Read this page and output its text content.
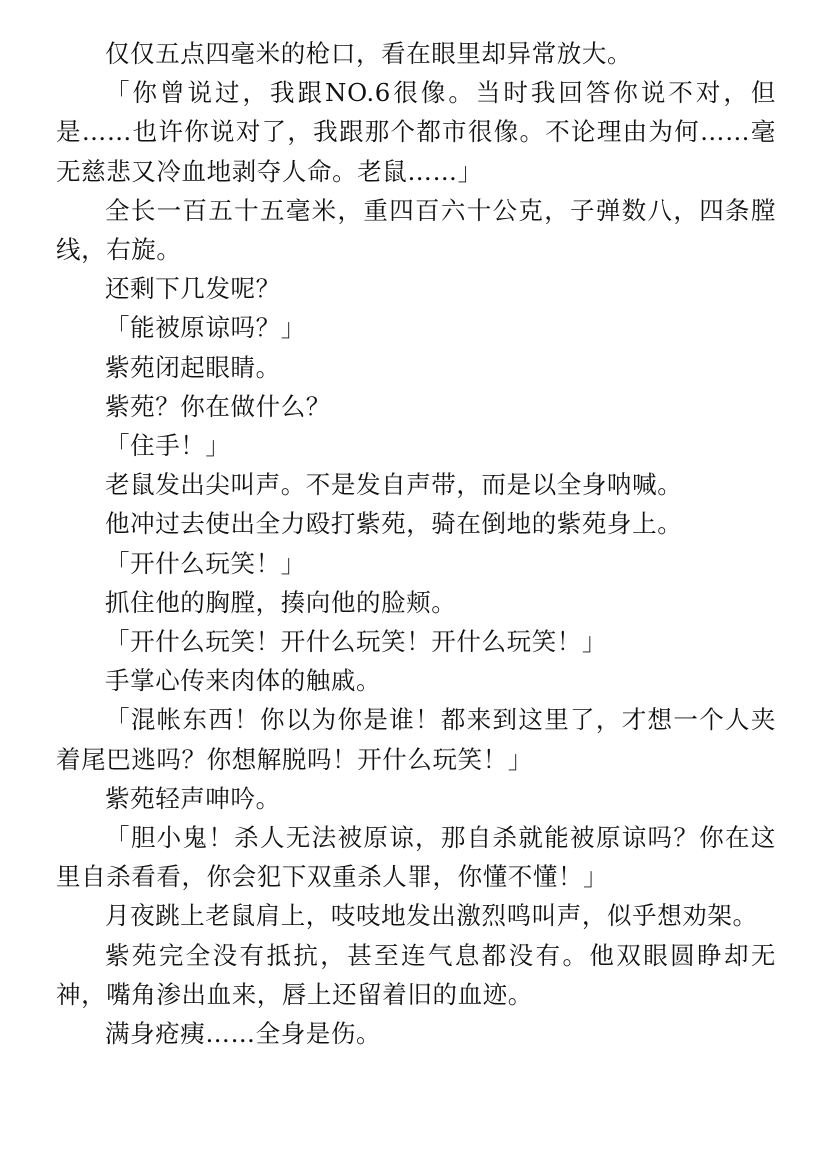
仅仅五点四毫米的枪口，看在眼里却异常放大。

「你曾说过，我跟NO.6很像。当时我回答你说不对，但是……也许你说对了，我跟那个都市很像。不论理由为何……毫无慈悲又冷血地剥夺人命。老鼠……」

全长一百五十五毫米，重四百六十公克，子弹数八，四条膛线，右旋。

还剩下几发呢？

「能被原谅吗？」

紫苑闭起眼睛。

紫苑？你在做什么？

「住手！」

老鼠发出尖叫声。不是发自声带，而是以全身呐喊。

他冲过去使出全力殴打紫苑，骑在倒地的紫苑身上。

「开什么玩笑！」

抓住他的胸膛，揍向他的脸颊。

「开什么玩笑！开什么玩笑！开什么玩笑！」

手掌心传来肉体的触戚。

「混帐东西！你以为你是谁！都来到这里了，才想一个人夹着尾巴逃吗？你想解脱吗！开什么玩笑！」

紫苑轻声呻吟。

「胆小鬼！杀人无法被原谅，那自杀就能被原谅吗？你在这里自杀看看，你会犯下双重杀人罪，你懂不懂！」

月夜跳上老鼠肩上，吱吱地发出激烈鸣叫声，似乎想劝架。

紫苑完全没有抵抗，甚至连气息都没有。他双眼圆睁却无神，嘴角渗出血来，唇上还留着旧的血迹。

满身疮痍……全身是伤。
